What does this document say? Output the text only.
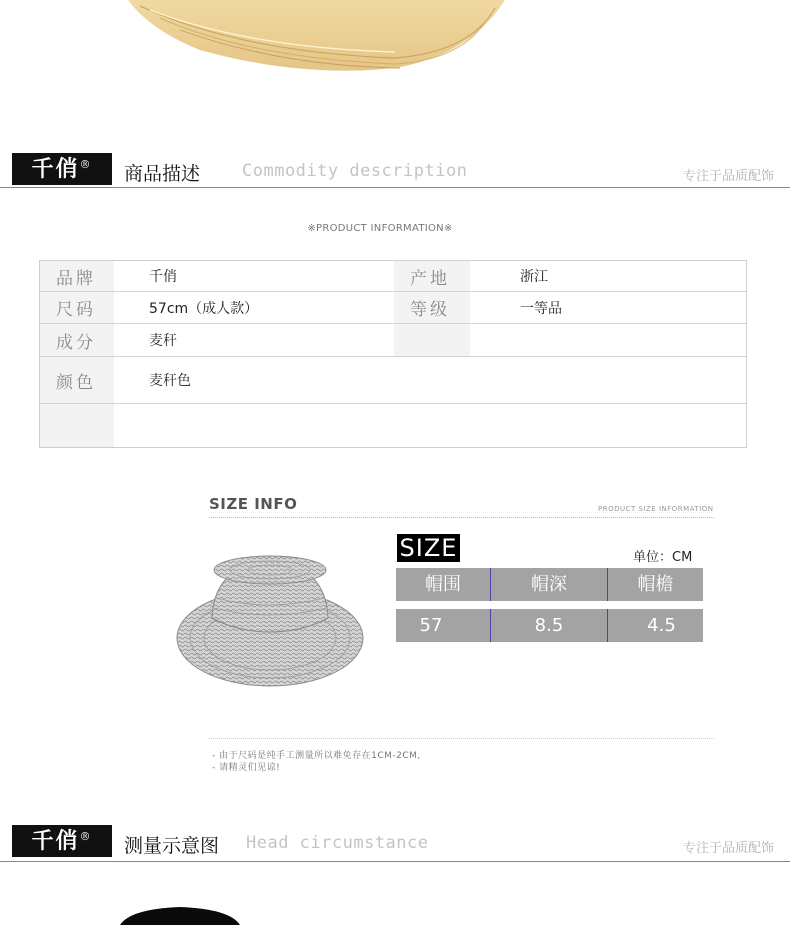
千俏®	商品描述 Commodity description	专注于品质配饰
※PRODUCT INFORMATION※
品牌	千俏	产地	浙江
尺码	57cm（成人款）	等级	一等品
成分	麦秆
颜色	麦秆色
SIZE INFO	PRODUCT SIZE INFORMATION
SIZE	单位：CM
帽围	帽深	帽檐
57	8.5	4.5
- 由于尺码是纯手工测量所以难免存在1CM-2CM,
- 请精灵们见谅!
千俏®	测量示意图 Head circumstance	专注于品质配饰
